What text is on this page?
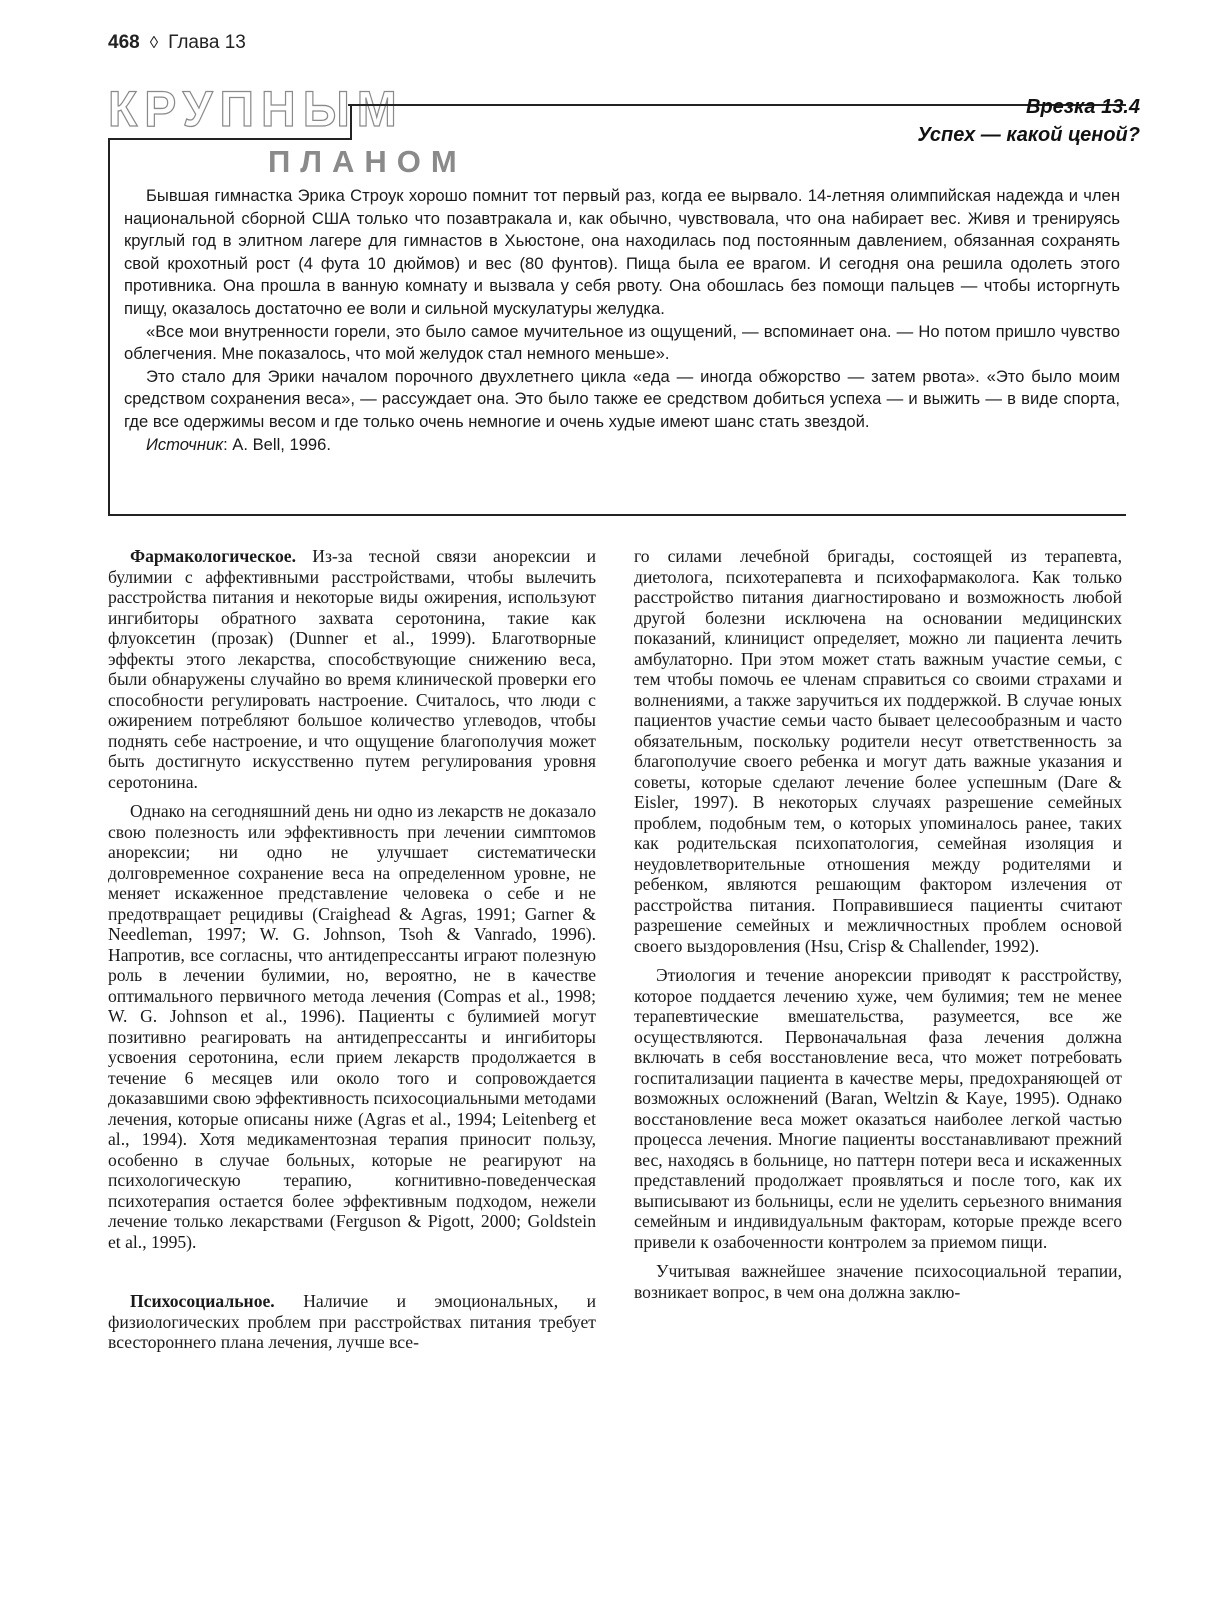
468 ◊ Глава 13
КРУПНЫМ
ПЛАНОМ
Врезка 13.4
Успех — какой ценой?

Бывшая гимнастка Эрика Строук хорошо помнит тот первый раз, когда ее вырвало. 14-летняя олимпийская надежда и член национальной сборной США только что позавтракала и, как обычно, чувствовала, что она набирает вес. Живя и тренируясь круглый год в элитном лагере для гимнастов в Хьюстоне, она находилась под постоянным давлением, обязанная сохранять свой крохотный рост (4 фута 10 дюймов) и вес (80 фунтов). Пища была ее врагом. И сегодня она решила одолеть этого противника. Она прошла в ванную комнату и вызвала у себя рвоту. Она обошлась без помощи пальцев — чтобы исторгнуть пищу, оказалось достаточно ее воли и сильной мускулатуры желудка.

«Все мои внутренности горели, это было самое мучительное из ощущений, — вспоминает она. — Но потом пришло чувство облегчения. Мне показалось, что мой желудок стал немного меньше».

Это стало для Эрики началом порочного двухлетнего цикла «еда — иногда обжорство — затем рвота». «Это было моим средством сохранения веса», — рассуждает она. Это было также ее средством добиться успеха — и выжить — в виде спорта, где все одержимы весом и где только очень немногие и очень худые имеют шанс стать звездой.

Источник: A. Bell, 1996.

Фармакологическое. Из-за тесной связи анорексии и булимии с аффективными расстройствами, чтобы вылечить расстройства питания и некоторые виды ожирения, используют ингибиторы обратного захвата серотонина, такие как флуоксетин (прозак) (Dunner et al., 1999). Благотворные эффекты этого лекарства, способствующие снижению веса, были обнаружены случайно во время клинической проверки его способности регулировать настроение. Считалось, что люди с ожирением потребляют большое количество углеводов, чтобы поднять себе настроение, и что ощущение благополучия может быть достигнуто искусственно путем регулирования уровня серотонина.

Однако на сегодняшний день ни одно из лекарств не доказало свою полезность или эффективность при лечении симптомов анорексии; ни одно не улучшает систематически долговременное сохранение веса на определенном уровне, не меняет искаженное представление человека о себе и не предотвращает рецидивы (Craighead & Agras, 1991; Garner & Needleman, 1997; W. G. Johnson, Tsoh & Vanrado, 1996). Напротив, все согласны, что антидепрессанты играют полезную роль в лечении булимии, но, вероятно, не в качестве оптимального первичного метода лечения (Compas et al., 1998; W. G. Johnson et al., 1996). Пациенты с булимией могут позитивно реагировать на антидепрессанты и ингибиторы усвоения серотонина, если прием лекарств продолжается в течение 6 месяцев или около того и сопровождается доказавшими свою эффективность психосоциальными методами лечения, которые описаны ниже (Agras et al., 1994; Leitenberg et al., 1994). Хотя медикаментозная терапия приносит пользу, особенно в случае больных, которые не реагируют на психологическую терапию, когнитивно-поведенческая психотерапия остается более эффективным подходом, нежели лечение только лекарствами (Ferguson & Pigott, 2000; Goldstein et al., 1995).

Психосоциальное. Наличие и эмоциональных, и физиологических проблем при расстройствах питания требует всестороннего плана лечения, лучше все-

го силами лечебной бригады, состоящей из терапевта, диетолога, психотерапевта и психофармаколога. Как только расстройство питания диагностировано и возможность любой другой болезни исключена на основании медицинских показаний, клиницист определяет, можно ли пациента лечить амбулаторно. При этом может стать важным участие семьи, с тем чтобы помочь ее членам справиться со своими страхами и волнениями, а также заручиться их поддержкой. В случае юных пациентов участие семьи часто бывает целесообразным и часто обязательным, поскольку родители несут ответственность за благополучие своего ребенка и могут дать важные указания и советы, которые сделают лечение более успешным (Dare & Eisler, 1997). В некоторых случаях разрешение семейных проблем, подобным тем, о которых упоминалось ранее, таких как родительская психопатология, семейная изоляция и неудовлетворительные отношения между родителями и ребенком, являются решающим фактором излечения от расстройства питания. Поправившиеся пациенты считают разрешение семейных и межличностных проблем основой своего выздоровления (Hsu, Crisp & Challender, 1992).

Этиология и течение анорексии приводят к расстройству, которое поддается лечению хуже, чем булимия; тем не менее терапевтические вмешательства, разумеется, все же осуществляются. Первоначальная фаза лечения должна включать в себя восстановление веса, что может потребовать госпитализации пациента в качестве меры, предохраняющей от возможных осложнений (Baran, Weltzin & Kaye, 1995). Однако восстановление веса может оказаться наиболее легкой частью процесса лечения. Многие пациенты восстанавливают прежний вес, находясь в больнице, но паттерн потери веса и искаженных представлений продолжает проявляться и после того, как их выписывают из больницы, если не уделить серьезного внимания семейным и индивидуальным факторам, которые прежде всего привели к озабоченности контролем за приемом пищи.

Учитывая важнейшее значение психосоциальной терапии, возникает вопрос, в чем она должна заклю-
